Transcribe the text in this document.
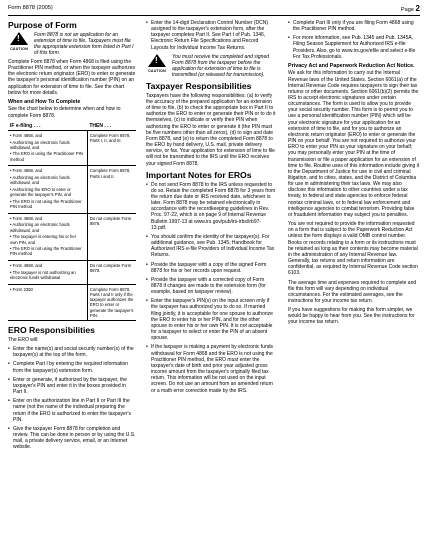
Form 8878 (2005)	Page 2
Purpose of Form
!
CAUTION
Form 8878 is not an application for an extension of time to file. Taxpayers must file the appropriate extension form listed in Part I of this form.

Complete Form 8878 when Form 4868 is filed using the Practitioner PIN method, or when the taxpayer authorizes the electronic return originator (ERO) to enter or generate the taxpayer's personal identification number (PIN) on an application for extension of time to file. See the chart below for more details.

When and How To Complete

See the chart below to determine when and how to complete Form 8878.

IF e-filing . . .	THEN . . .

• Form 4868, and
• Authorizing an electronic funds withdrawal, and
• The ERO is using the Practitioner PIN method	Complete Form 8878, Parts I, II, and III.

• Form 4868, and
• Authorizing an electronic funds withdrawal, and
• Authorizing the ERO to enter or generate the taxpayer's PIN, and
• The ERO is not using the Practitioner PIN method	Complete Form 8878, Parts I and II.

• Form 4868, and
• Authorizing an electronic funds withdrawal, and
• The taxpayer is entering his or her own PIN, and
• The ERO is not using the Practitioner PIN method	Do not complete Form 8878.

• Form 4868, and
• The taxpayer is not authorizing an electronic funds withdrawal	Do not complete Form 8878.

• Form 2350	Complete Form 8878, Parts I and II only if the taxpayer authorizes the ERO to enter or generate the taxpayer's PIN.
ERO Responsibilities

The ERO will:

• Enter the name(s) and social security number(s) of the taxpayer(s) at the top of the form.
• Complete Part I by entering the required information from the taxpayer(s) extension form.
• Enter or generate, if authorized by the taxpayer, the taxpayer's PIN and enter it in the boxes provided in Part II.
• Enter on the authorization line in Part II or Part III the name (not the name of the individual preparing the return if the ERO is authorized to enter the taxpayer's PIN.
• Give the taxpayer Form 8878 for completion and review. This can be done in person or by using the U.S. mail, a private delivery service, email, or an Internet website.
• Enter the 14-digit Declaration Control Number (DCN) assigned to the taxpayer's extension form, after the taxpayer completes Part II. See Part I of Pub. 1346, Electronic Return File Specifications and Record Layouts for Individual Income Tax Returns.
!
CAUTION
You must receive the completed and signed Form 8878 from the taxpayer before the application for extension of time to file is transmitted (or released for transmission).
Taxpayer Responsibilities

Taxpayers have the following responsibilities: (a) to verify the accuracy of the prepared application for an extension of time to file, (b) to check the appropriate box in Part II to authorize the ERO to enter or generate their PIN or to do it themselves, (c) to indicate or verify their PIN when authorizing the ERO to enter or generate it (the PIN must be five numbers other than all zeros), (d) to sign and date Form 8878, and (e) to return the completed Form 8878 to the ERO by hand delivery, U.S. mail, private delivery service, or fax. Your application for extension of time to file will not be transmitted to the IRS until the ERO receives your signed Form 8878.

Important Notes for EROs
• Do not send Form 8878 to the IRS unless requested to do so. Retain the completed Form 8878 for 3 years from the return due date or IRS received date, whichever is later. Form 8878 may be retained electronically in accordance with the recordkeeping guidelines in Rev. Proc. 97-22, which is on page 9 of Internal Revenue Bulletin 1997-13 at www.irs.gov/pub/irs-irbs/irb97-13.pdf.
• You should confirm the identity of the taxpayer(s). For additional guidance, see Pub. 1345, Handbook for Authorized IRS e-file Providers of Individual Income Tax Returns.
• Provide the taxpayer with a copy of the signed Form 8878 for his or her records upon request.
• Provide the taxpayer with a corrected copy of Form 8878 if changes are made to the extension form (for example, based on taxpayer review).
• Enter the taxpayer's PIN(s) on the input screen only if the taxpayer has authorized you to do so. If married filing jointly, it is acceptable for one spouse to authorize the ERO to enter his or her PIN, and for the other spouse to enter his or her own PIN. It is not acceptable for a taxpayer to select or enter the PIN of an absent spouse.
• If the taxpayer is making a payment by electronic funds withdrawal for Form 4868 and the ERO is not using the Practitioner PIN method, the ERO must enter the taxpayer's date of birth and prior year adjusted gross income amount from the taxpayer's originally filed tax return. This information will be not used on the input screen. Do not use an amount from an amended return or a math error correction made by the IRS.
• Complete Part III only if you are filing Form 4868 using the Practitioner PIN method.
• For more information, see Pub. 1345 and Pub. 1345A, Filing Season Supplement for Authorized IRS e-file Providers. Also, go to www.irs.gov/efile and select e-file For Tax Professionals.
Privacy Act and Paperwork Reduction Act Notice.

We ask for this information to carry out the Internal Revenue laws of the United States. Section 6061(a) of the Internal Revenue Code requires taxpayers to sign their tax returns or other documents. Section 6061(b)(2) permits the IRS to accept electronic signatures under certain circumstances. The form is used to allow you to provide your social security number. This form is to permit you to use a personal identification number (PIN) which will be your electronic signature for your application for an extension of time to file, and for you to authorize an electronic return originator (ERO) to enter or generate the PIN on your behalf. You are not required to authorize your ERO to enter your PIN as your signature on your behalf; you may personally enter your PIN at the time of transmission or file a paper application for an extension of time to file. Routine uses of this information include giving it to the Department of Justice for use in civil and criminal litigation, and to cities, states, and the District of Columbia for use in administering their tax laws. We may also disclose this information to other countries under a tax treaty, to federal and state agencies to enforce federal nontax criminal laws, or to federal law enforcement and intelligence agencies to combat terrorism. Providing false or fraudulent information may subject you to penalties.

You are not required to provide the information requested on a form that is subject to the Paperwork Reduction Act unless the form displays a valid OMB control number. Books or records relating to a form or its instructions must be retained as long as their contents may become material in the administration of any Internal Revenue law. Generally, tax returns and return information are confidential, as required by Internal Revenue Code section 6103.

The average time and expenses required to complete and file this form will vary depending on individual circumstances. For the estimated averages, see the instructions for your income tax return.

If you have suggestions for making this form simpler, we would be happy to hear from you. See the instructions for your income tax return.
